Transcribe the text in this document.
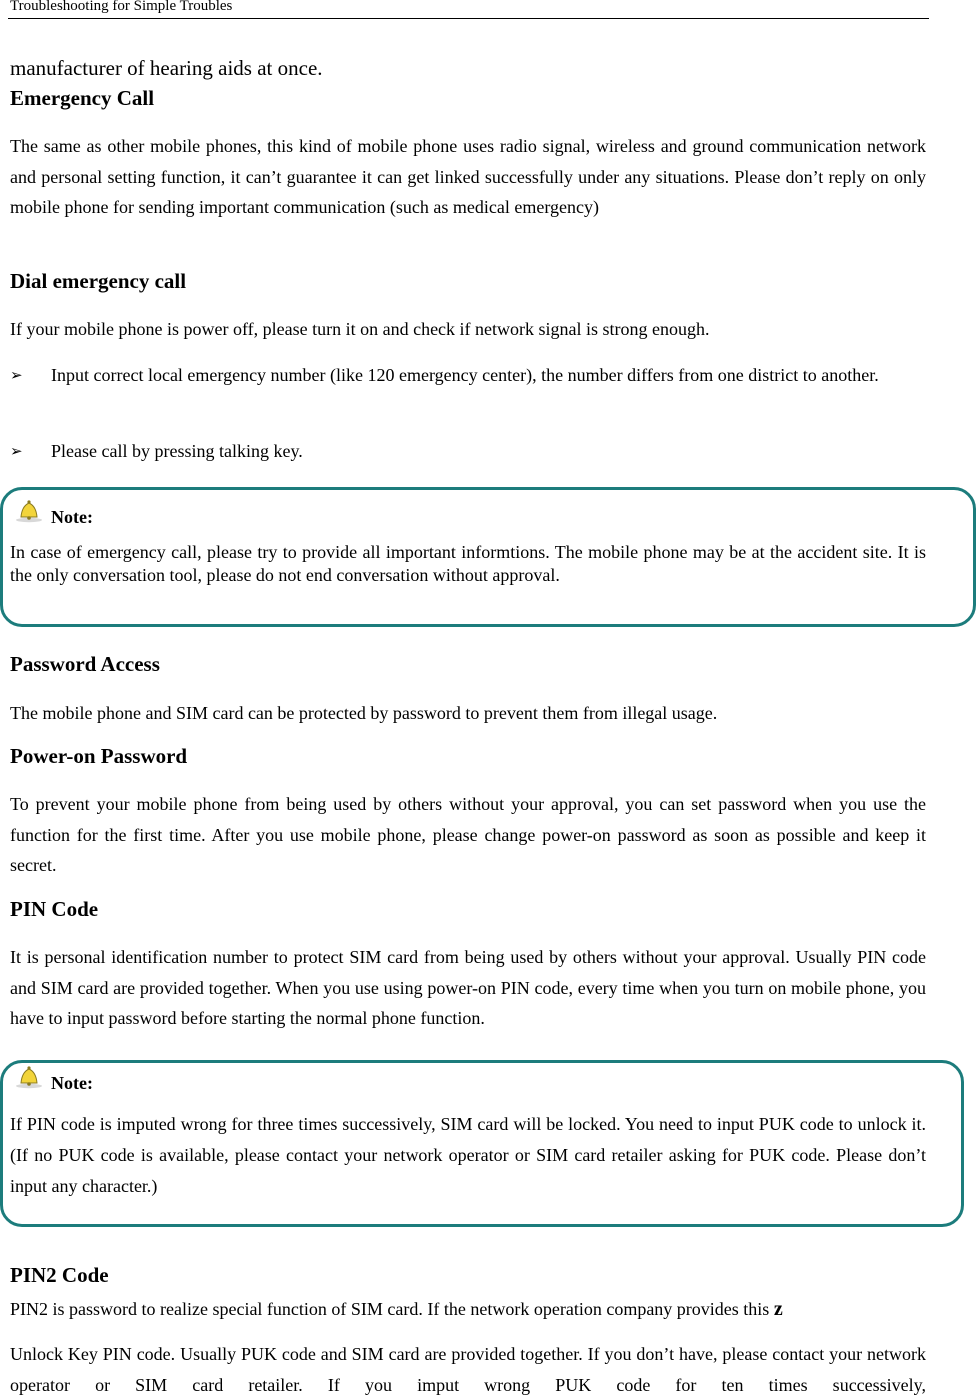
Troubleshooting for Simple Troubles
manufacturer of hearing aids at once.
Emergency Call

The same as other mobile phones, this kind of mobile phone uses radio signal, wireless and ground communication network and personal setting function, it can’t guarantee it can get linked successfully under any situations. Please don’t reply on only mobile phone for sending important communication (such as medical emergency)

Dial emergency call

If your mobile phone is power off, please turn it on and check if network signal is strong enough.

➢ Input correct local emergency number (like 120 emergency center), the number differs from one district to another.
➢ Please call by pressing talking key.
Note:

In case of emergency call, please try to provide all important informtions. The mobile phone may be at the accident site. It is the only conversation tool, please do not end conversation without approval.

Password Access

The mobile phone and SIM card can be protected by password to prevent them from illegal usage.

Power-on Password

To prevent your mobile phone from being used by others without your approval, you can set password when you use the function for the first time. After you use mobile phone, please change power-on password as soon as possible and keep it secret.

PIN Code

It is personal identification number to protect SIM card from being used by others without your approval. Usually PIN code and SIM card are provided together. When you use using power-on PIN code, every time when you turn on mobile phone, you have to input password before starting the normal phone function.

Note:

If PIN code is imputed wrong for three times successively, SIM card will be locked. You need to input PUK code to unlock it. (If no PUK code is available, please contact your network operator or SIM card retailer asking for PUK code. Please don’t input any character.)

PIN2 Code

PIN2 is password to realize special function of SIM card. If the network operation company provides this z

Unlock Key PIN code. Usually PUK code and SIM card are provided together. If you don’t have, please contact your network operator or SIM card retailer. If you imput wrong PUK code for ten times successively,
